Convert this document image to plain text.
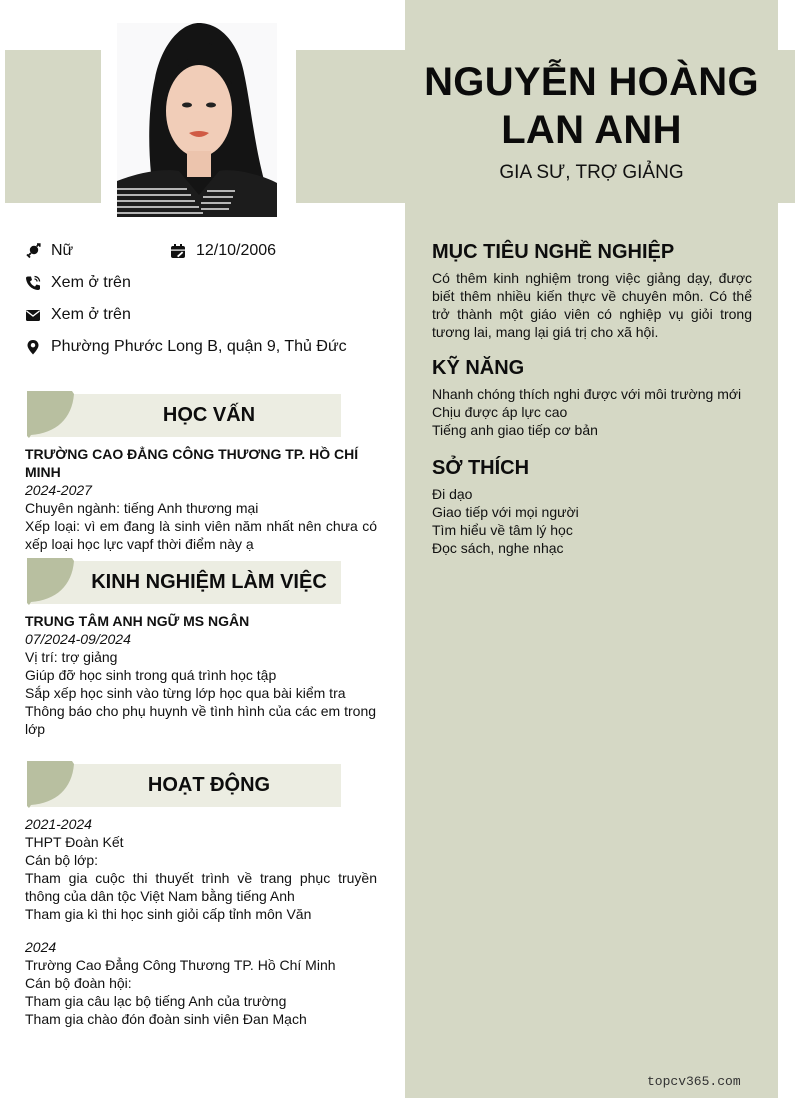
NGUYỄN HOÀNG
LAN ANH
GIA SƯ, TRỢ GIẢNG
Nữ	12/10/2006
Xem ở trên
Xem ở trên
Phường Phước Long B, quận 9, Thủ Đức
HỌC VẤN
TRƯỜNG CAO ĐẲNG CÔNG THƯƠNG TP. HỒ CHÍ MINH
2024-2027
Chuyên ngành: tiếng Anh thương mại
Xếp loại: vì em đang là sinh viên năm nhất nên chưa có xếp loại học lực vapf thời điểm này ạ
KINH NGHIỆM LÀM VIỆC
TRUNG TÂM ANH NGỮ MS NGÂN
07/2024-09/2024
Vị trí: trợ giảng
Giúp đỡ học sinh trong quá trình học tập
Sắp xếp học sinh vào từng lớp học qua bài kiểm tra
Thông báo cho phụ huynh về tình hình của các em trong lớp
HOẠT ĐỘNG
2021-2024
THPT Đoàn Kết
Cán bộ lớp:
Tham gia cuộc thi thuyết trình về trang phục truyền thông của dân tộc Việt Nam bằng tiếng Anh
Tham gia kì thi học sinh giỏi cấp tỉnh môn Văn
2024
Trường Cao Đẳng Công Thương TP. Hồ Chí Minh
Cán bộ đoàn hội:
Tham gia câu lạc bộ tiếng Anh của trường
Tham gia chào đón đoàn sinh viên Đan Mạch
MỤC TIÊU NGHỀ NGHIỆP
Có thêm kinh nghiệm trong việc giảng dạy, được biết thêm nhiều kiến thực về chuyên môn. Có thể trở thành một giáo viên có nghiệp vụ giỏi trong tương lai, mang lại giá trị cho xã hội.
KỸ NĂNG
Nhanh chóng thích nghi được với môi trường mới
Chịu được áp lực cao
Tiếng anh giao tiếp cơ bản
SỞ THÍCH
Đi dạo
Giao tiếp với mọi người
Tìm hiểu về tâm lý học
Đọc sách, nghe nhạc
topcv365.com
